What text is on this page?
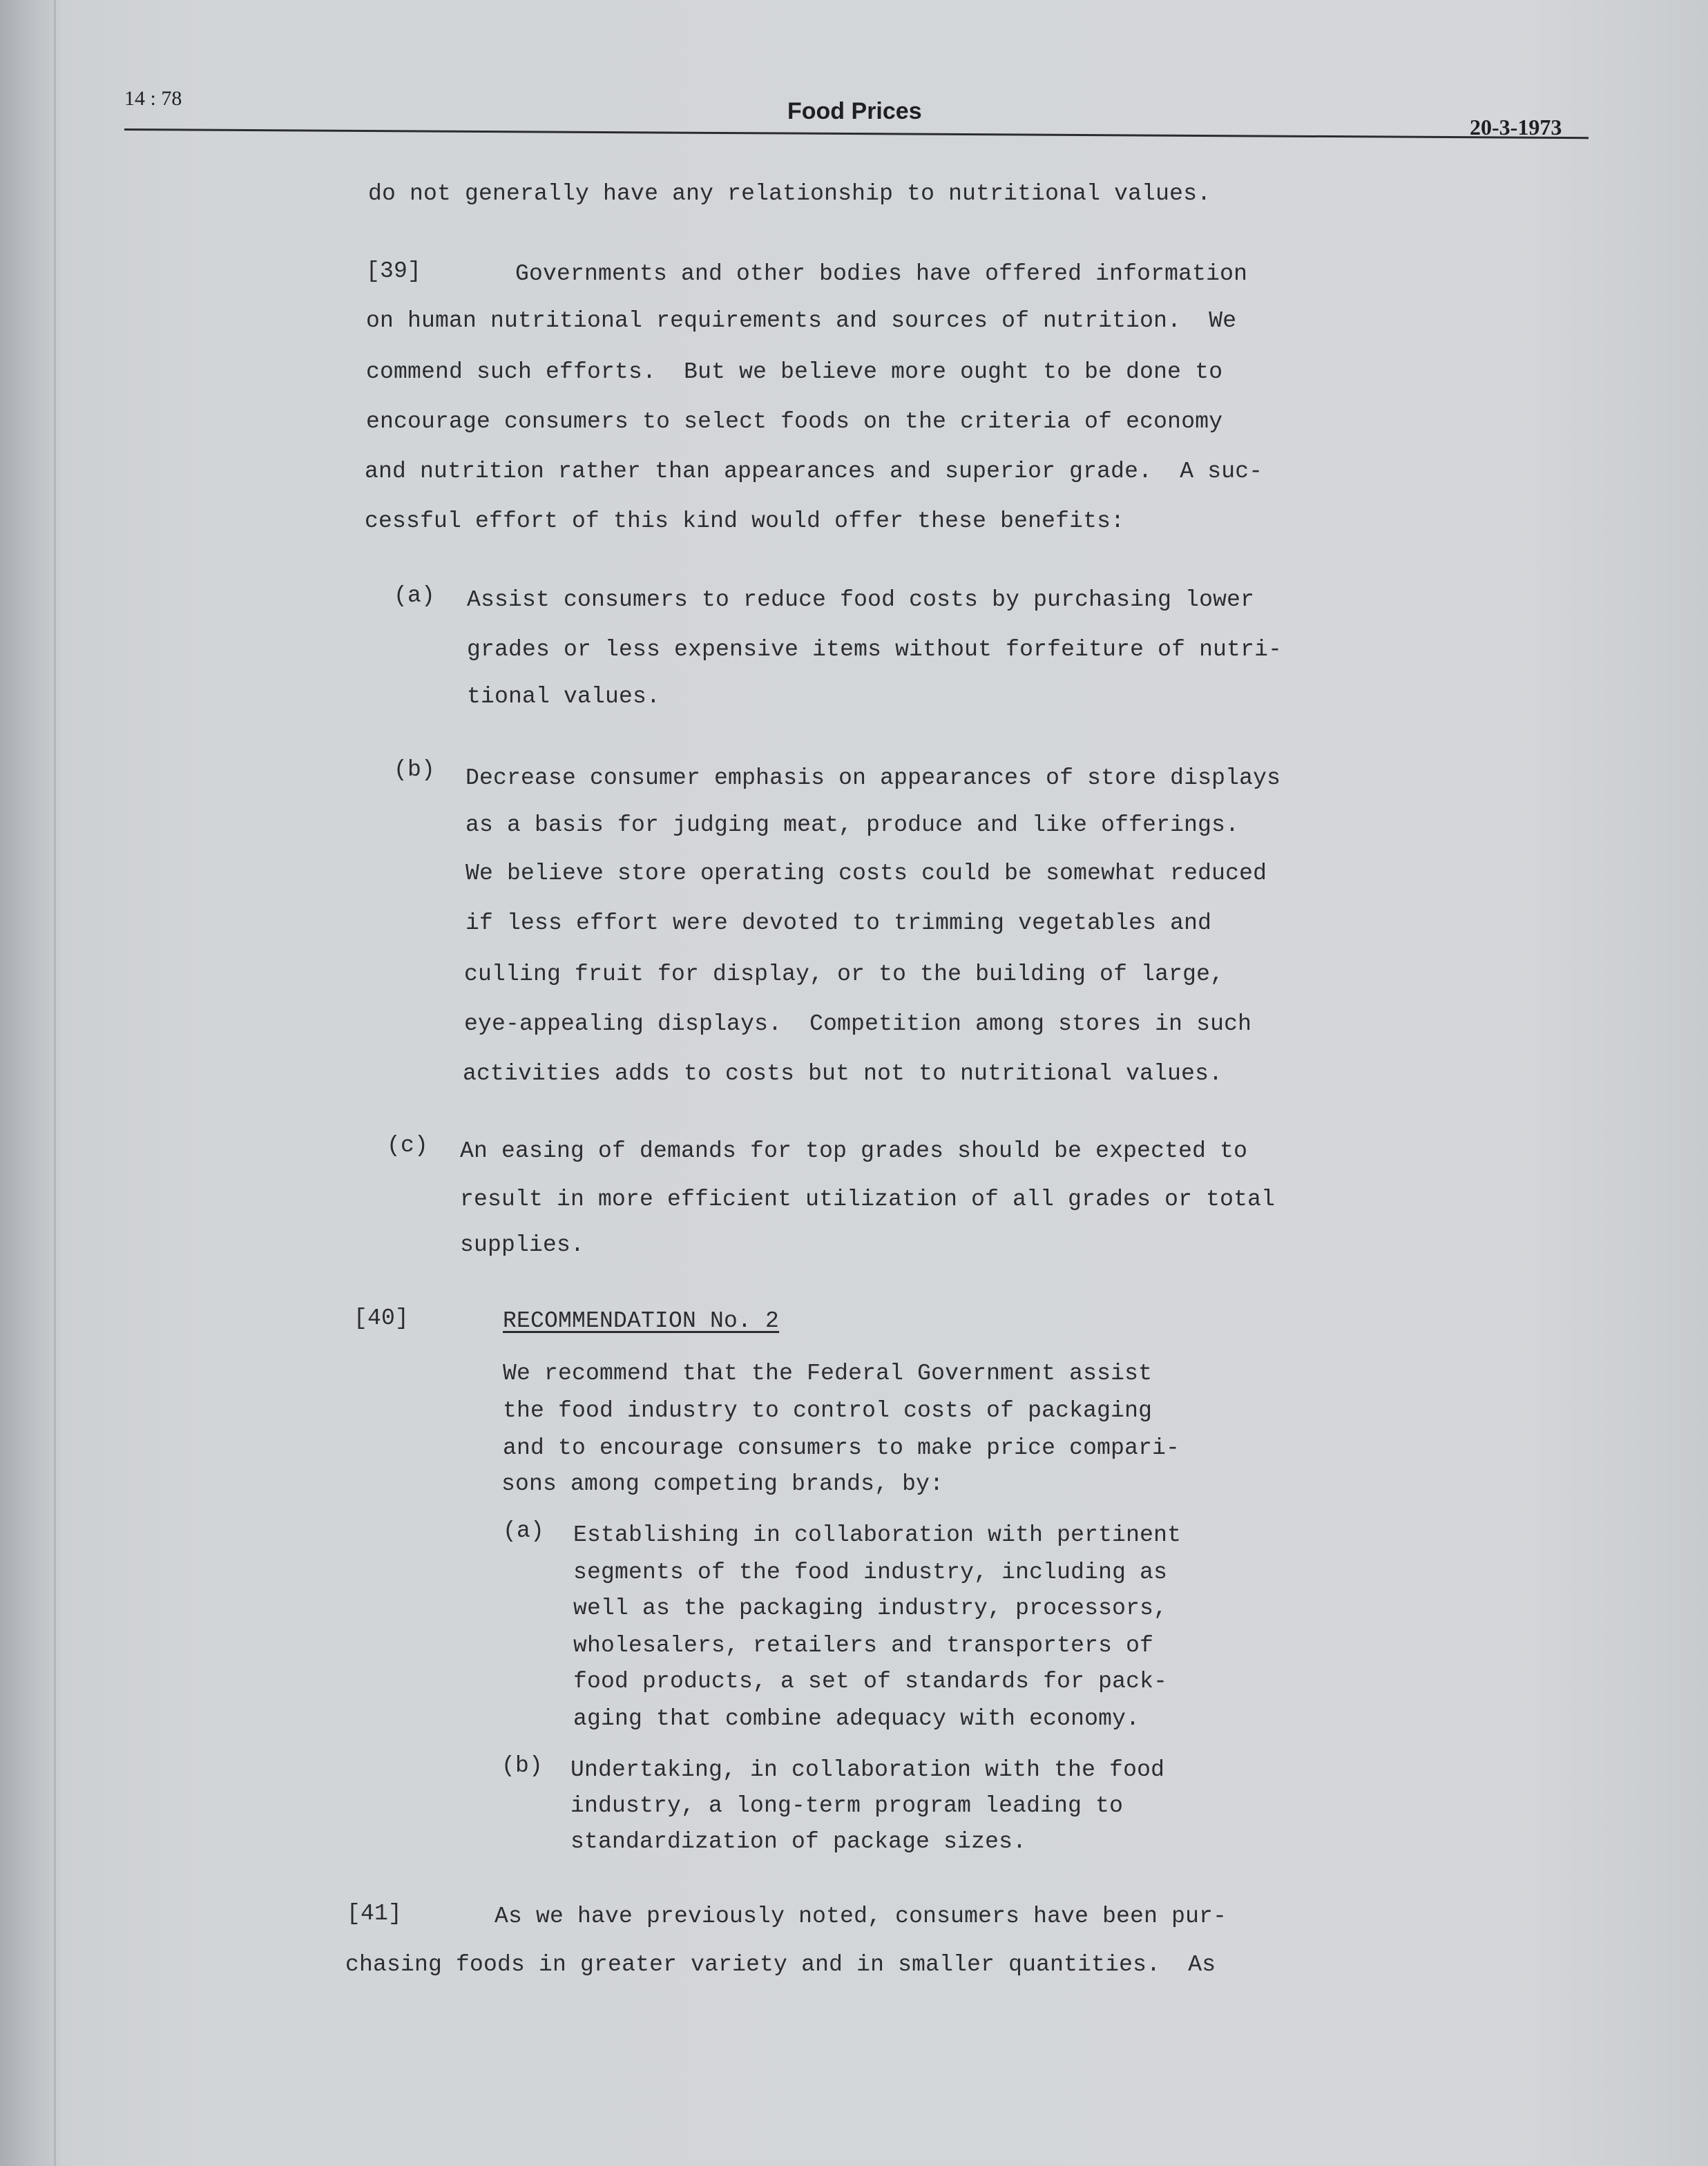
14 : 78	Food Prices
20-3-1973
do not generally have any relationship to nutritional values.
[39]	Governments and other bodies have offered information
on human nutritional requirements and sources of nutrition.  We
commend such efforts.  But we believe more ought to be done to
encourage consumers to select foods on the criteria of economy
and nutrition rather than appearances and superior grade.  A suc-
cessful effort of this kind would offer these benefits:
(a) Assist consumers to reduce food costs by purchasing lower
grades or less expensive items without forfeiture of nutri-
tional values.
(b) Decrease consumer emphasis on appearances of store displays
as a basis for judging meat, produce and like offerings.
We believe store operating costs could be somewhat reduced
if less effort were devoted to trimming vegetables and
culling fruit for display, or to the building of large,
eye-appealing displays.  Competition among stores in such
activities adds to costs but not to nutritional values.
(c) An easing of demands for top grades should be expected to
result in more efficient utilization of all grades or total
supplies.
[40]	RECOMMENDATION No. 2
We recommend that the Federal Government assist
the food industry to control costs of packaging
and to encourage consumers to make price compari-
sons among competing brands, by:
(a) Establishing in collaboration with pertinent
segments of the food industry, including as
well as the packaging industry, processors,
wholesalers, retailers and transporters of
food products, a set of standards for pack-
aging that combine adequacy with economy.
(b) Undertaking, in collaboration with the food
industry, a long-term program leading to
standardization of package sizes.
[41]	As we have previously noted, consumers have been pur-
chasing foods in greater variety and in smaller quantities.  As
